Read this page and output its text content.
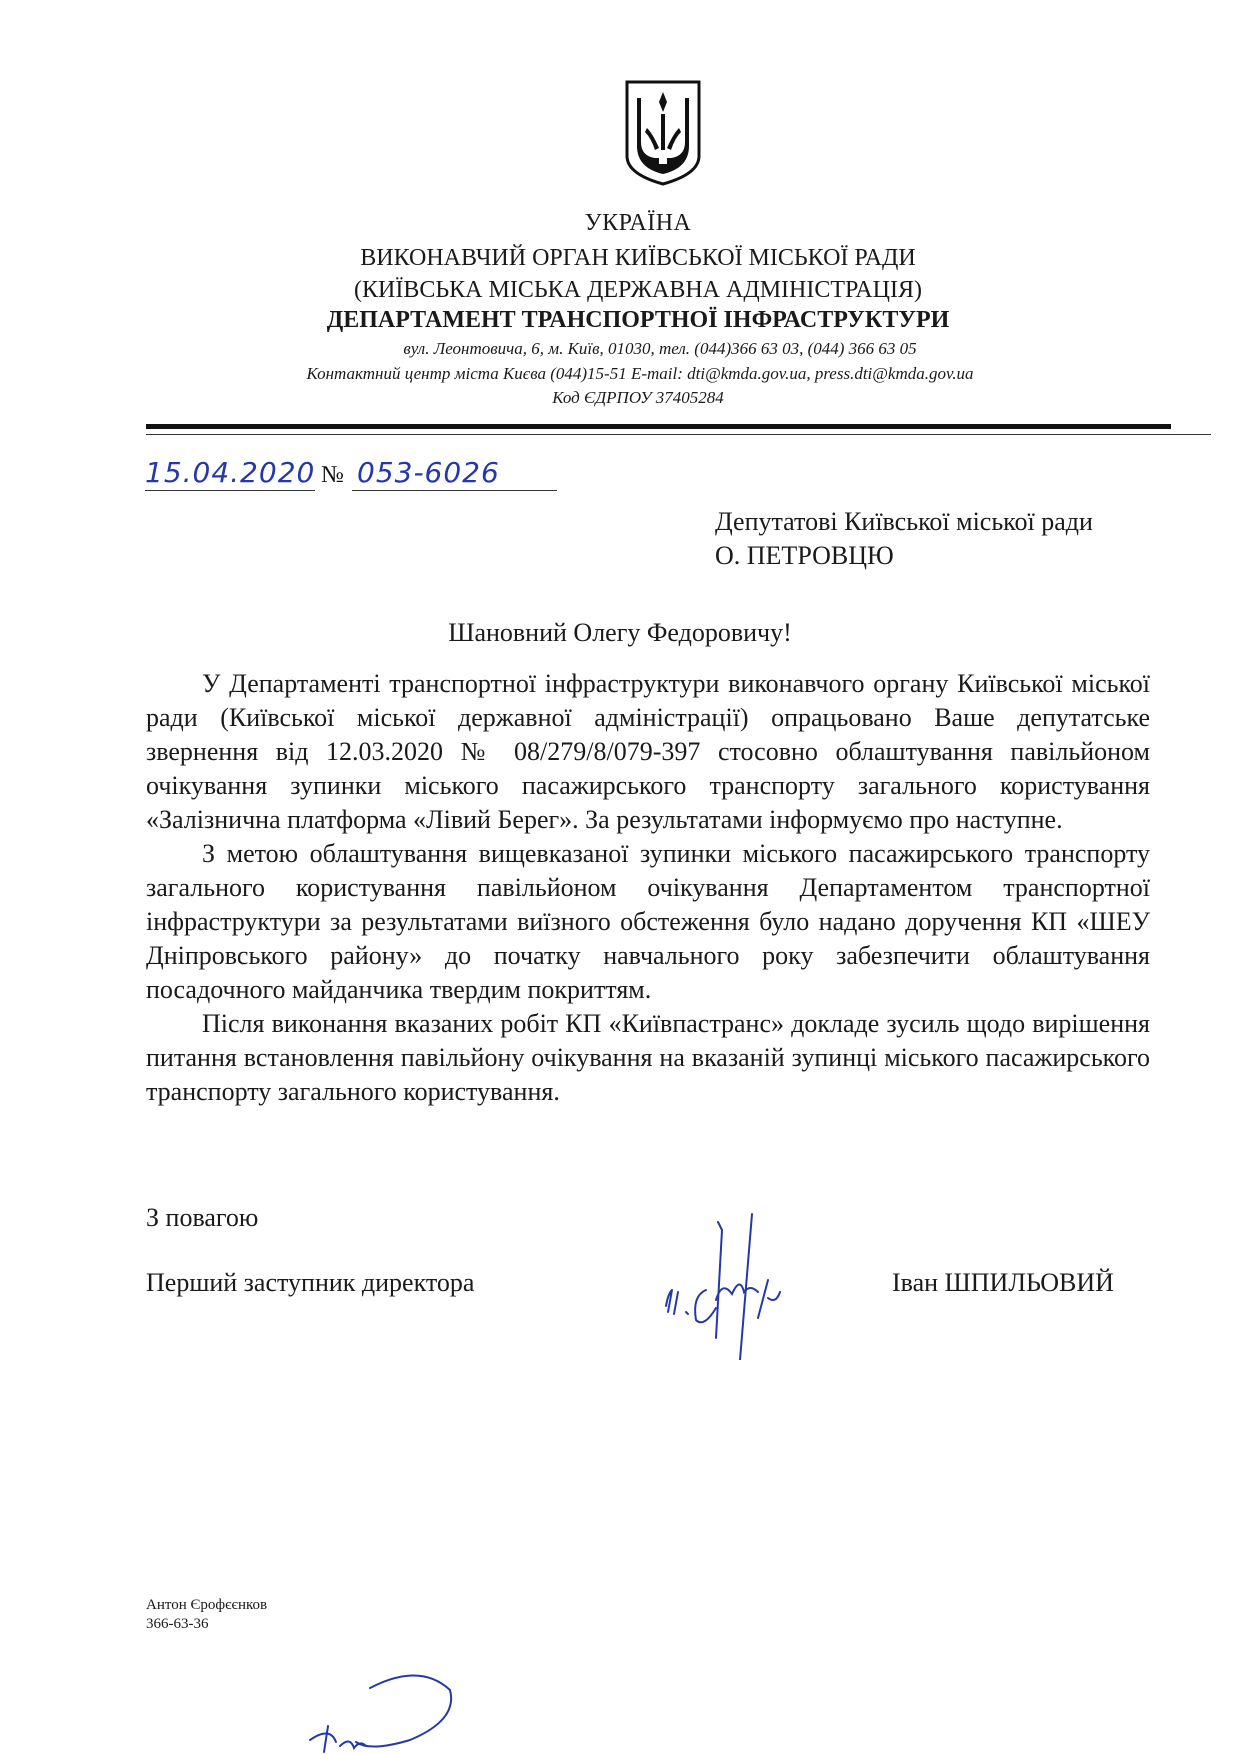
УКРАЇНА
ВИКОНАВЧИЙ ОРГАН КИЇВСЬКОЇ МІСЬКОЇ РАДИ
(КИЇВСЬКА МІСЬКА ДЕРЖАВНА АДМІНІСТРАЦІЯ)
ДЕПАРТАМЕНТ ТРАНСПОРТНОЇ ІНФРАСТРУКТУРИ
вул. Леонтовича, 6, м. Київ, 01030, тел. (044)366 63 03, (044) 366 63 05
Контактний центр міста Києва (044)15-51 E-mail: dti@kmda.gov.ua, press.dti@kmda.gov.ua
Код ЄДРПОУ 37405284
15.04.2020 № 053-6026
Депутатові Київської міської ради
О. ПЕТРОВЦЮ
Шановний Олегу Федоровичу!

У Департаменті транспортної інфраструктури виконавчого органу Київської міської ради (Київської міської державної адміністрації) опрацьовано Ваше депутатське звернення від 12.03.2020 № 08/279/8/079-397 стосовно облаштування павільйоном очікування зупинки міського пасажирського транспорту загального користування «Залізнична платформа «Лівий Берег». За результатами інформуємо про наступне.

З метою облаштування вищевказаної зупинки міського пасажирського транспорту загального користування павільйоном очікування Департаментом транспортної інфраструктури за результатами виїзного обстеження було надано доручення КП «ШЕУ Дніпровського району» до початку навчального року забезпечити облаштування посадочного майданчика твердим покриттям.

Після виконання вказаних робіт КП «Київпастранс» докладе зусиль щодо вирішення питання встановлення павільйону очікування на вказаній зупинці міського пасажирського транспорту загального користування.

З повагою
Перший заступник директора	Іван ШПИЛЬОВИЙ
Антон Єрофєєнков
366-63-36
